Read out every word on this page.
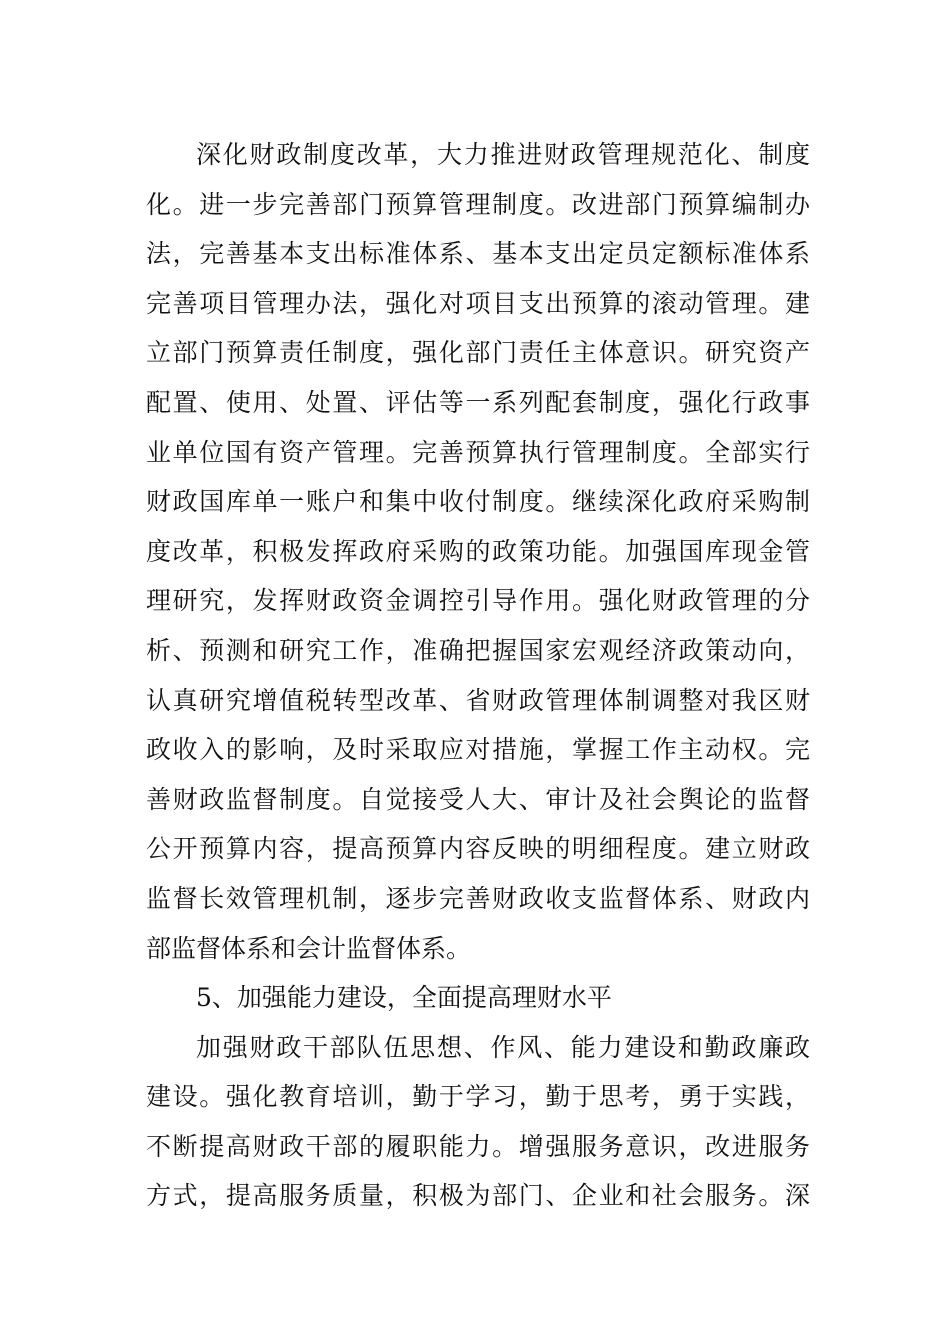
深化财政制度改革，大力推进财政管理规范化、制度
化。进一步完善部门预算管理制度。改进部门预算编制办
法，完善基本支出标准体系、基本支出定员定额标准体系
完善项目管理办法，强化对项目支出预算的滚动管理。建
立部门预算责任制度，强化部门责任主体意识。研究资产
配置、使用、处置、评估等一系列配套制度，强化行政事
业单位国有资产管理。完善预算执行管理制度。全部实行
财政国库单一账户和集中收付制度。继续深化政府采购制
度改革，积极发挥政府采购的政策功能。加强国库现金管
理研究，发挥财政资金调控引导作用。强化财政管理的分
析、预测和研究工作，准确把握国家宏观经济政策动向，
认真研究增值税转型改革、省财政管理体制调整对我区财
政收入的影响，及时采取应对措施，掌握工作主动权。完
善财政监督制度。自觉接受人大、审计及社会舆论的监督
公开预算内容，提高预算内容反映的明细程度。建立财政
监督长效管理机制，逐步完善财政收支监督体系、财政内
部监督体系和会计监督体系。
5、加强能力建设，全面提高理财水平
加强财政干部队伍思想、作风、能力建设和勤政廉政
建设。强化教育培训，勤于学习，勤于思考，勇于实践，
不断提高财政干部的履职能力。增强服务意识，改进服务
方式，提高服务质量，积极为部门、企业和社会服务。深
